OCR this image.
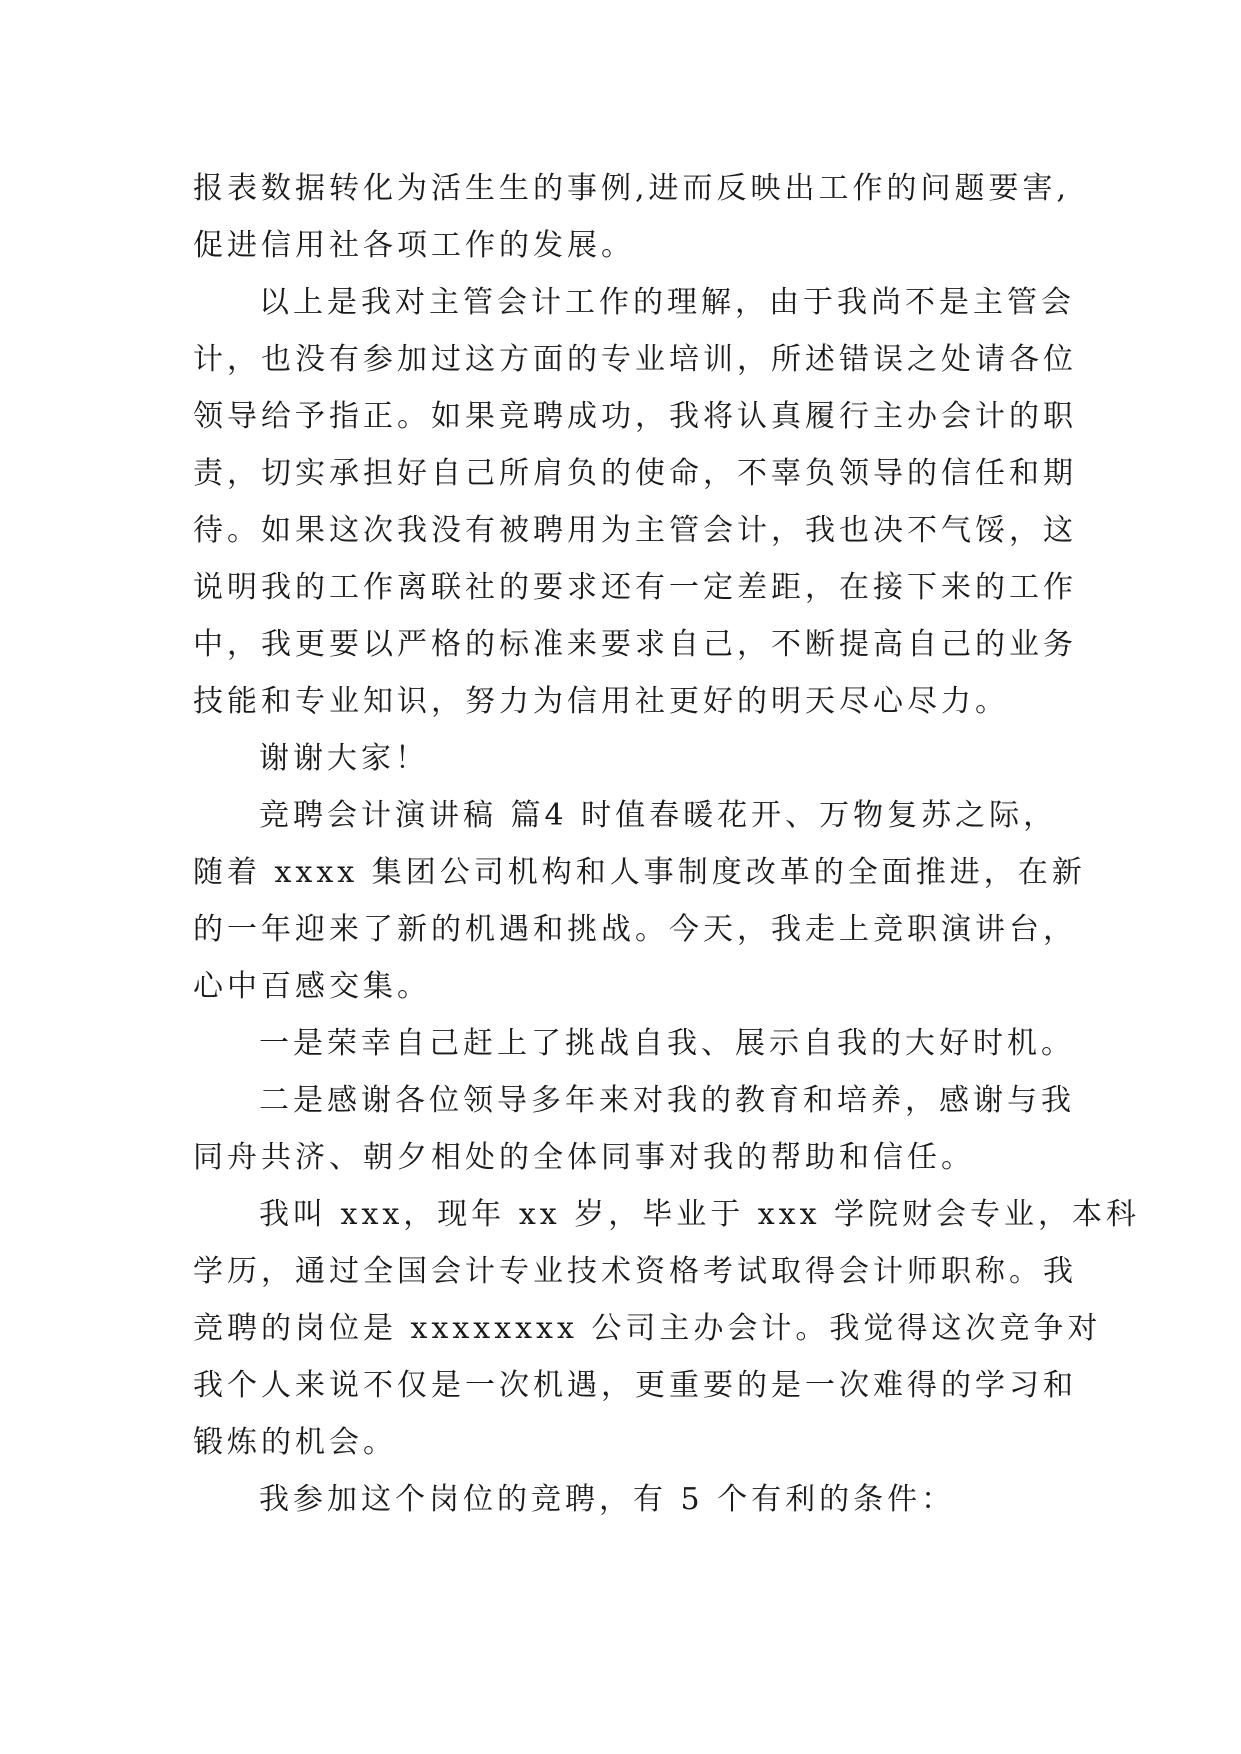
报表数据转化为活生生的事例,进而反映出工作的问题要害,
促进信用社各项工作的发展。
以上是我对主管会计工作的理解，由于我尚不是主管会
计，也没有参加过这方面的专业培训，所述错误之处请各位
领导给予指正。如果竞聘成功，我将认真履行主办会计的职
责，切实承担好自己所肩负的使命，不辜负领导的信任和期
待。如果这次我没有被聘用为主管会计，我也决不气馁，这
说明我的工作离联社的要求还有一定差距，在接下来的工作
中，我更要以严格的标准来要求自己，不断提高自己的业务
技能和专业知识，努力为信用社更好的明天尽心尽力。
谢谢大家！
竞聘会计演讲稿 篇4 时值春暖花开、万物复苏之际，
随着 xxxx 集团公司机构和人事制度改革的全面推进，在新
的一年迎来了新的机遇和挑战。今天，我走上竞职演讲台，
心中百感交集。
一是荣幸自己赶上了挑战自我、展示自我的大好时机。
二是感谢各位领导多年来对我的教育和培养，感谢与我
同舟共济、朝夕相处的全体同事对我的帮助和信任。
我叫 xxx，现年 xx 岁，毕业于 xxx 学院财会专业，本科
学历，通过全国会计专业技术资格考试取得会计师职称。我
竞聘的岗位是 xxxxxxxx 公司主办会计。我觉得这次竞争对
我个人来说不仅是一次机遇，更重要的是一次难得的学习和
锻炼的机会。
我参加这个岗位的竞聘，有 5 个有利的条件：
